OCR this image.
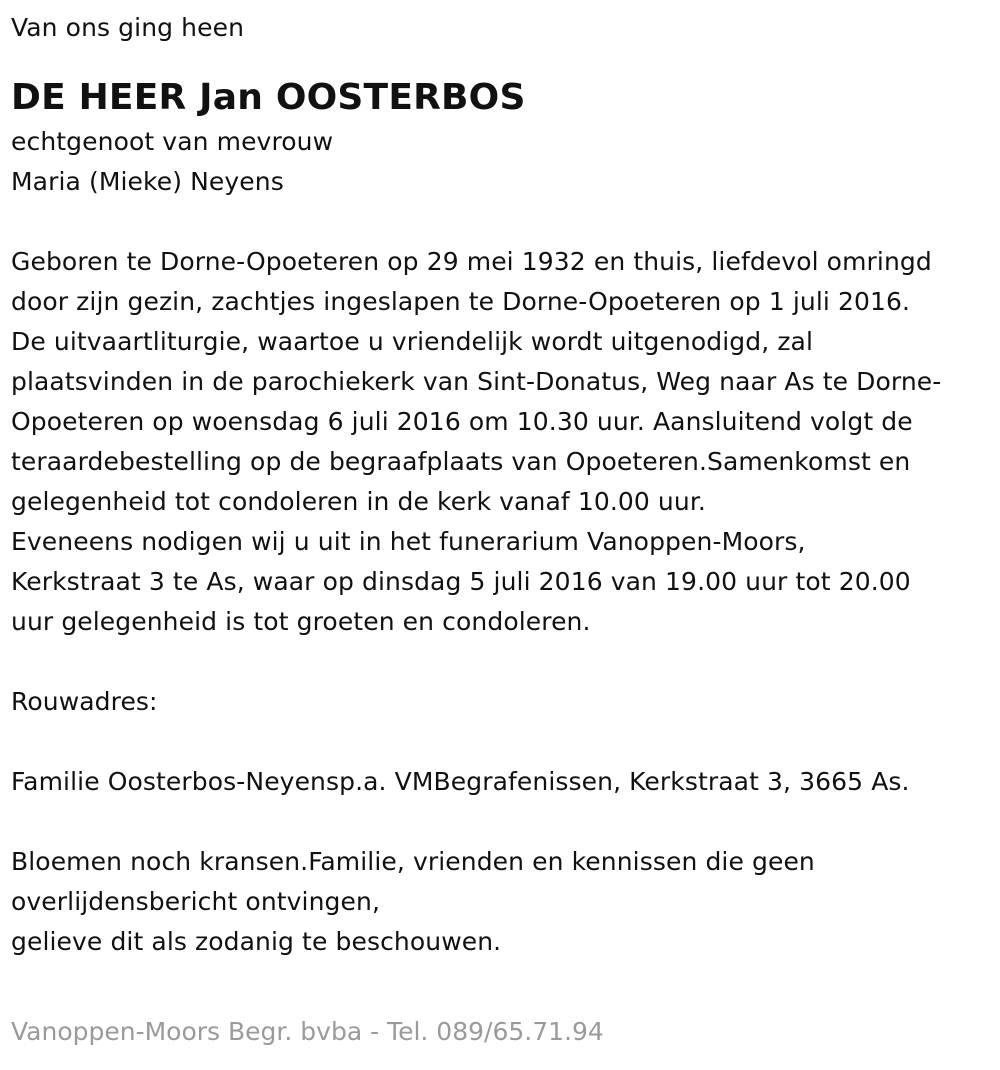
Van ons ging heen
DE HEER Jan OOSTERBOS
echtgenoot van mevrouw
Maria (Mieke) Neyens
Geboren te Dorne-Opoeteren op 29 mei 1932 en thuis, liefdevol omringd
door zijn gezin, zachtjes ingeslapen te Dorne-Opoeteren op 1 juli 2016.
De uitvaartliturgie, waartoe u vriendelijk wordt uitgenodigd, zal
plaatsvinden in de parochiekerk van Sint-Donatus, Weg naar As te Dorne-
Opoeteren op woensdag 6 juli 2016 om 10.30 uur. Aansluitend volgt de
teraardebestelling op de begraafplaats van Opoeteren.Samenkomst en
gelegenheid tot condoleren in de kerk vanaf 10.00 uur.
Eveneens nodigen wij u uit in het funerarium Vanoppen-Moors,
Kerkstraat 3 te As, waar op dinsdag 5 juli 2016 van 19.00 uur tot 20.00
uur gelegenheid is tot groeten en condoleren.
Rouwadres:
Familie Oosterbos-Neyensp.a. VMBegrafenissen, Kerkstraat 3, 3665 As.
Bloemen noch kransen.Familie, vrienden en kennissen die geen
overlijdensbericht ontvingen,
gelieve dit als zodanig te beschouwen.
Vanoppen-Moors Begr. bvba - Tel. 089/65.71.94
